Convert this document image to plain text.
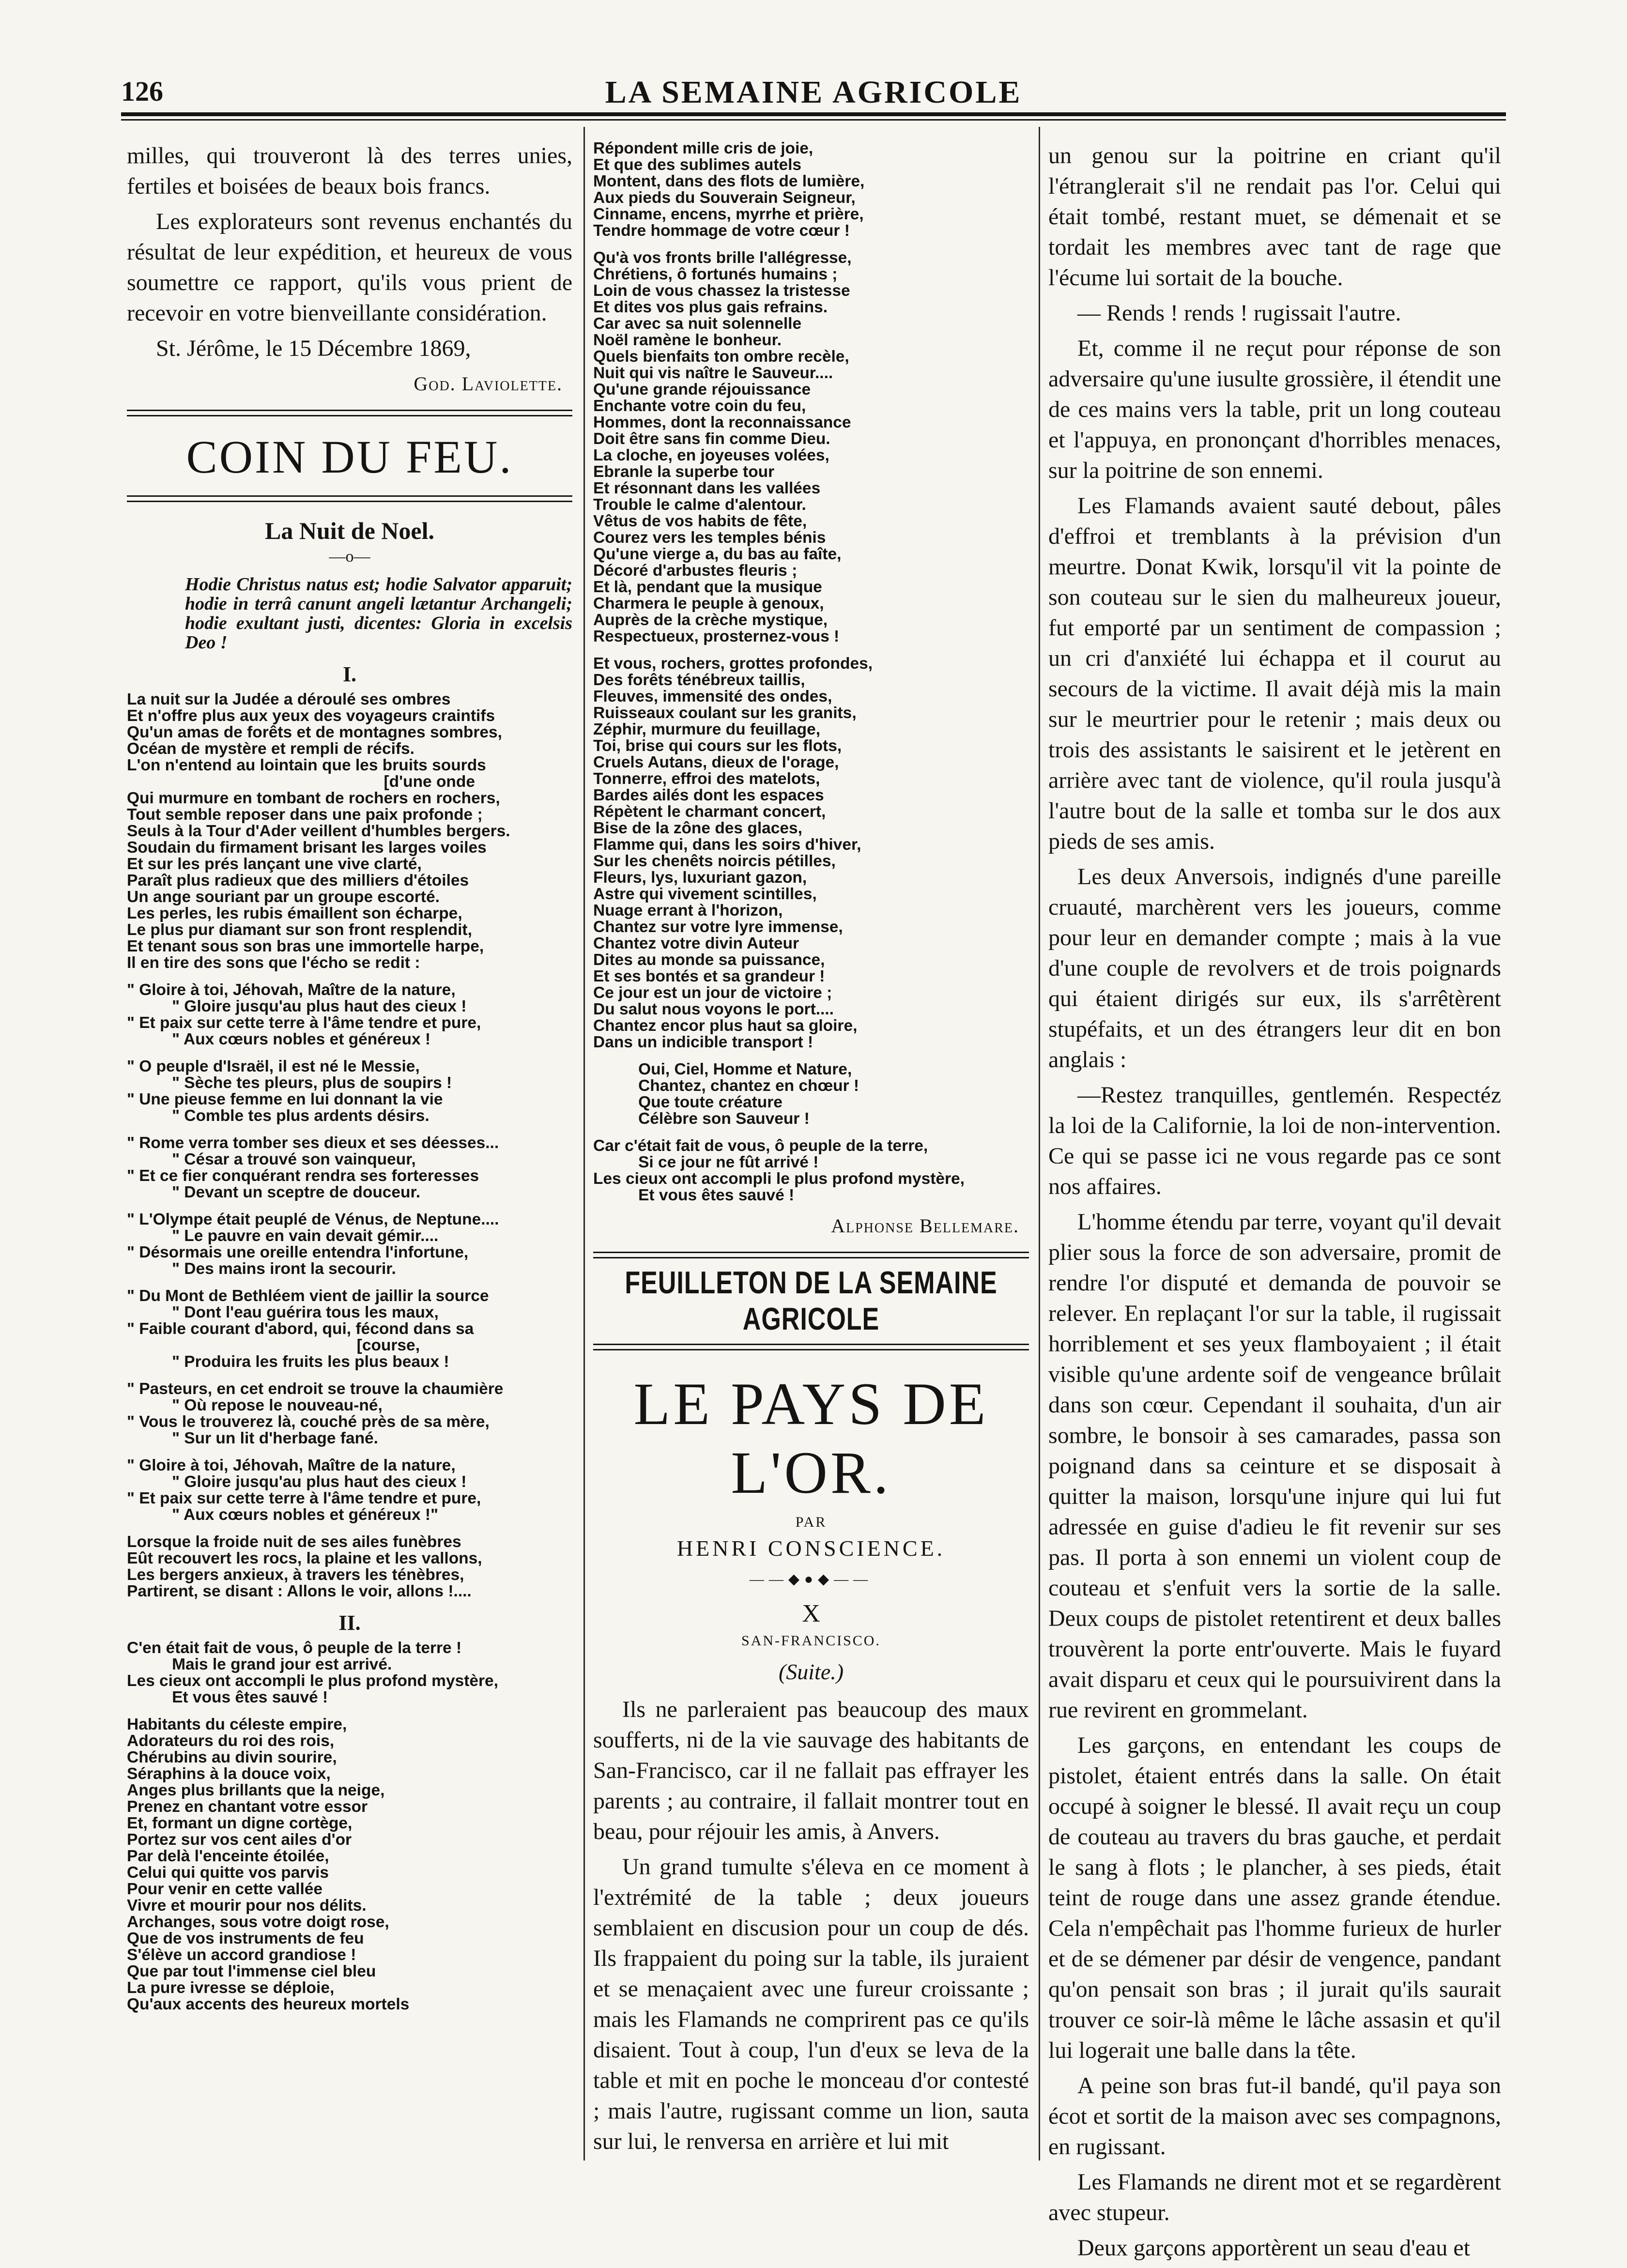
126	LA SEMAINE AGRICOLE

milles, qui trouveront là des terres unies, fertiles et boisées de beaux bois francs.

Les explorateurs sont revenus enchantés du résultat de leur expédition, et heureux de vous soumettre ce rapport, qu'ils vous prient de recevoir en votre bienveillante considération.

St. Jérôme, le 15 Décembre 1869,

God. Laviolette.
COIN DU FEU.
La Nuit de Noel.
—o—
Hodie Christus natus est; hodie Salvator apparuit; hodie in terrâ canunt angeli lætantur Archangeli; hodie exultant justi, dicentes: Gloria in excelsis Deo !
I.
La nuit sur la Judée a déroulé ses ombres
Et n'offre plus aux yeux des voyageurs craintifs
Qu'un amas de forêts et de montagnes sombres,
Océan de mystère et rempli de récifs.
L'on n'entend au lointain que les bruits sourds
[d'une onde
Qui murmure en tombant de rochers en rochers,
Tout semble reposer dans une paix profonde ;
Seuls à la Tour d'Ader veillent d'humbles bergers.
Soudain du firmament brisant les larges voiles
Et sur les prés lançant une vive clarté,
Paraît plus radieux que des milliers d'étoiles
Un ange souriant par un groupe escorté.
Les perles, les rubis émaillent son écharpe,
Le plus pur diamant sur son front resplendit,
Et tenant sous son bras une immortelle harpe,
Il en tire des sons que l'écho se redit :
" Gloire à toi, Jéhovah, Maître de la nature,
" Gloire jusqu'au plus haut des cieux !
" Et paix sur cette terre à l'âme tendre et pure,
" Aux cœurs nobles et généreux !
" O peuple d'Israël, il est né le Messie,
" Sèche tes pleurs, plus de soupirs !
" Une pieuse femme en lui donnant la vie
" Comble tes plus ardents désirs.
" Rome verra tomber ses dieux et ses déesses...
" César a trouvé son vainqueur,
" Et ce fier conquérant rendra ses forteresses
" Devant un sceptre de douceur.
" L'Olympe était peuplé de Vénus, de Neptune....
" Le pauvre en vain devait gémir....
" Désormais une oreille entendra l'infortune,
" Des mains iront la secourir.
" Du Mont de Bethléem vient de jaillir la source
" Dont l'eau guérira tous les maux,
" Faible courant d'abord, qui, fécond dans sa
[course,
" Produira les fruits les plus beaux !
" Pasteurs, en cet endroit se trouve la chaumière
" Où repose le nouveau-né,
" Vous le trouverez là, couché près de sa mère,
" Sur un lit d'herbage fané.
" Gloire à toi, Jéhovah, Maître de la nature,
" Gloire jusqu'au plus haut des cieux !
" Et paix sur cette terre à l'âme tendre et pure,
" Aux cœurs nobles et généreux !"
Lorsque la froide nuit de ses ailes funèbres
Eût recouvert les rocs, la plaine et les vallons,
Les bergers anxieux, à travers les ténèbres,
Partirent, se disant : Allons le voir, allons !....
II.
C'en était fait de vous, ô peuple de la terre !
Mais le grand jour est arrivé.
Les cieux ont accompli le plus profond mystère,
Et vous êtes sauvé !
Habitants du céleste empire,
Adorateurs du roi des rois,
Chérubins au divin sourire,
Séraphins à la douce voix,
Anges plus brillants que la neige,
Prenez en chantant votre essor
Et, formant un digne cortège,
Portez sur vos cent ailes d'or
Par delà l'enceinte étoilée,
Celui qui quitte vos parvis
Pour venir en cette vallée
Vivre et mourir pour nos délits.
Archanges, sous votre doigt rose,
Que de vos instruments de feu
S'élève un accord grandiose !
Que par tout l'immense ciel bleu
La pure ivresse se déploie,
Qu'aux accents des heureux mortels
Répondent mille cris de joie,
Et que des sublimes autels
Montent, dans des flots de lumière,
Aux pieds du Souverain Seigneur,
Cinname, encens, myrrhe et prière,
Tendre hommage de votre cœur !
Qu'à vos fronts brille l'allégresse,
Chrétiens, ô fortunés humains ;
Loin de vous chassez la tristesse
Et dites vos plus gais refrains.
Car avec sa nuit solennelle
Noël ramène le bonheur.
Quels bienfaits ton ombre recèle,
Nuit qui vis naître le Sauveur....
Qu'une grande réjouissance
Enchante votre coin du feu,
Hommes, dont la reconnaissance
Doit être sans fin comme Dieu.
La cloche, en joyeuses volées,
Ebranle la superbe tour
Et résonnant dans les vallées
Trouble le calme d'alentour.
Vêtus de vos habits de fête,
Courez vers les temples bénis
Qu'une vierge a, du bas au faîte,
Décoré d'arbustes fleuris ;
Et là, pendant que la musique
Charmera le peuple à genoux,
Auprès de la crèche mystique,
Respectueux, prosternez-vous !
Et vous, rochers, grottes profondes,
Des forêts ténébreux taillis,
Fleuves, immensité des ondes,
Ruisseaux coulant sur les granits,
Zéphir, murmure du feuillage,
Toi, brise qui cours sur les flots,
Cruels Autans, dieux de l'orage,
Tonnerre, effroi des matelots,
Bardes ailés dont les espaces
Répètent le charmant concert,
Bise de la zône des glaces,
Flamme qui, dans les soirs d'hiver,
Sur les chenêts noircis pétilles,
Fleurs, lys, luxuriant gazon,
Astre qui vivement scintilles,
Nuage errant à l'horizon,
Chantez sur votre lyre immense,
Chantez votre divin Auteur
Dites au monde sa puissance,
Et ses bontés et sa grandeur !
Ce jour est un jour de victoire ;
Du salut nous voyons le port....
Chantez encor plus haut sa gloire,
Dans un indicible transport !
Oui, Ciel, Homme et Nature,
Chantez, chantez en chœur !
Que toute créature
Célèbre son Sauveur !
Car c'était fait de vous, ô peuple de la terre,
Si ce jour ne fût arrivé !
Les cieux ont accompli le plus profond mystère,
Et vous êtes sauvé !
Alphonse Bellemare.
FEUILLETON DE LA SEMAINE AGRICOLE
LE PAYS DE L'OR.
PAR
HENRI CONSCIENCE.
——◆●◆——
X
SAN-FRANCISCO.
(Suite.)

Ils ne parleraient pas beaucoup des maux soufferts, ni de la vie sauvage des habitants de San-Francisco, car il ne fallait pas effrayer les parents ; au contraire, il fallait montrer tout en beau, pour réjouir les amis, à Anvers.

Un grand tumulte s'éleva en ce moment à l'extrémité de la table ; deux joueurs semblaient en discusion pour un coup de dés. Ils frappaient du poing sur la table, ils juraient et se menaçaient avec une fureur croissante ; mais les Flamands ne comprirent pas ce qu'ils disaient. Tout à coup, l'un d'eux se leva de la table et mit en poche le monceau d'or contesté ; mais l'autre, rugissant comme un lion, sauta sur lui, le renversa en arrière et lui mit

un genou sur la poitrine en criant qu'il l'étranglerait s'il ne rendait pas l'or. Celui qui était tombé, restant muet, se démenait et se tordait les membres avec tant de rage que l'écume lui sortait de la bouche.

— Rends ! rends ! rugissait l'autre.

Et, comme il ne reçut pour réponse de son adversaire qu'une iusulte grossière, il étendit une de ces mains vers la table, prit un long couteau et l'appuya, en prononçant d'horribles menaces, sur la poitrine de son ennemi.

Les Flamands avaient sauté debout, pâles d'effroi et tremblants à la prévision d'un meurtre. Donat Kwik, lorsqu'il vit la pointe de son couteau sur le sien du malheureux joueur, fut emporté par un sentiment de compassion ; un cri d'anxiété lui échappa et il courut au secours de la victime. Il avait déjà mis la main sur le meurtrier pour le retenir ; mais deux ou trois des assistants le saisirent et le jetèrent en arrière avec tant de violence, qu'il roula jusqu'à l'autre bout de la salle et tomba sur le dos aux pieds de ses amis.

Les deux Anversois, indignés d'une pareille cruauté, marchèrent vers les joueurs, comme pour leur en demander compte ; mais à la vue d'une couple de revolvers et de trois poignards qui étaient dirigés sur eux, ils s'arrêtèrent stupéfaits, et un des étrangers leur dit en bon anglais :

—Restez tranquilles, gentlemén. Respectéz la loi de la Californie, la loi de non-intervention. Ce qui se passe ici ne vous regarde pas ce sont nos affaires.

L'homme étendu par terre, voyant qu'il devait plier sous la force de son adversaire, promit de rendre l'or disputé et demanda de pouvoir se relever. En replaçant l'or sur la table, il rugissait horriblement et ses yeux flamboyaient ; il était visible qu'une ardente soif de vengeance brûlait dans son cœur. Cependant il souhaita, d'un air sombre, le bonsoir à ses camarades, passa son poignand dans sa ceinture et se disposait à quitter la maison, lorsqu'une injure qui lui fut adressée en guise d'adieu le fit revenir sur ses pas. Il porta à son ennemi un violent coup de couteau et s'enfuit vers la sortie de la salle. Deux coups de pistolet retentirent et deux balles trouvèrent la porte entr'ouverte. Mais le fuyard avait disparu et ceux qui le poursuivirent dans la rue revirent en grommelant.

Les garçons, en entendant les coups de pistolet, étaient entrés dans la salle. On était occupé à soigner le blessé. Il avait reçu un coup de couteau au travers du bras gauche, et perdait le sang à flots ; le plancher, à ses pieds, était teint de rouge dans une assez grande étendue. Cela n'empêchait pas l'homme furieux de hurler et de se démener par désir de vengence, pandant qu'on pensait son bras ; il jurait qu'ils saurait trouver ce soir-là même le lâche assasin et qu'il lui logerait une balle dans la tête.

A peine son bras fut-il bandé, qu'il paya son écot et sortit de la maison avec ses compagnons, en rugissant.

Les Flamands ne dirent mot et se regardèrent avec stupeur.

Deux garçons apportèrent un seau d'eau et
